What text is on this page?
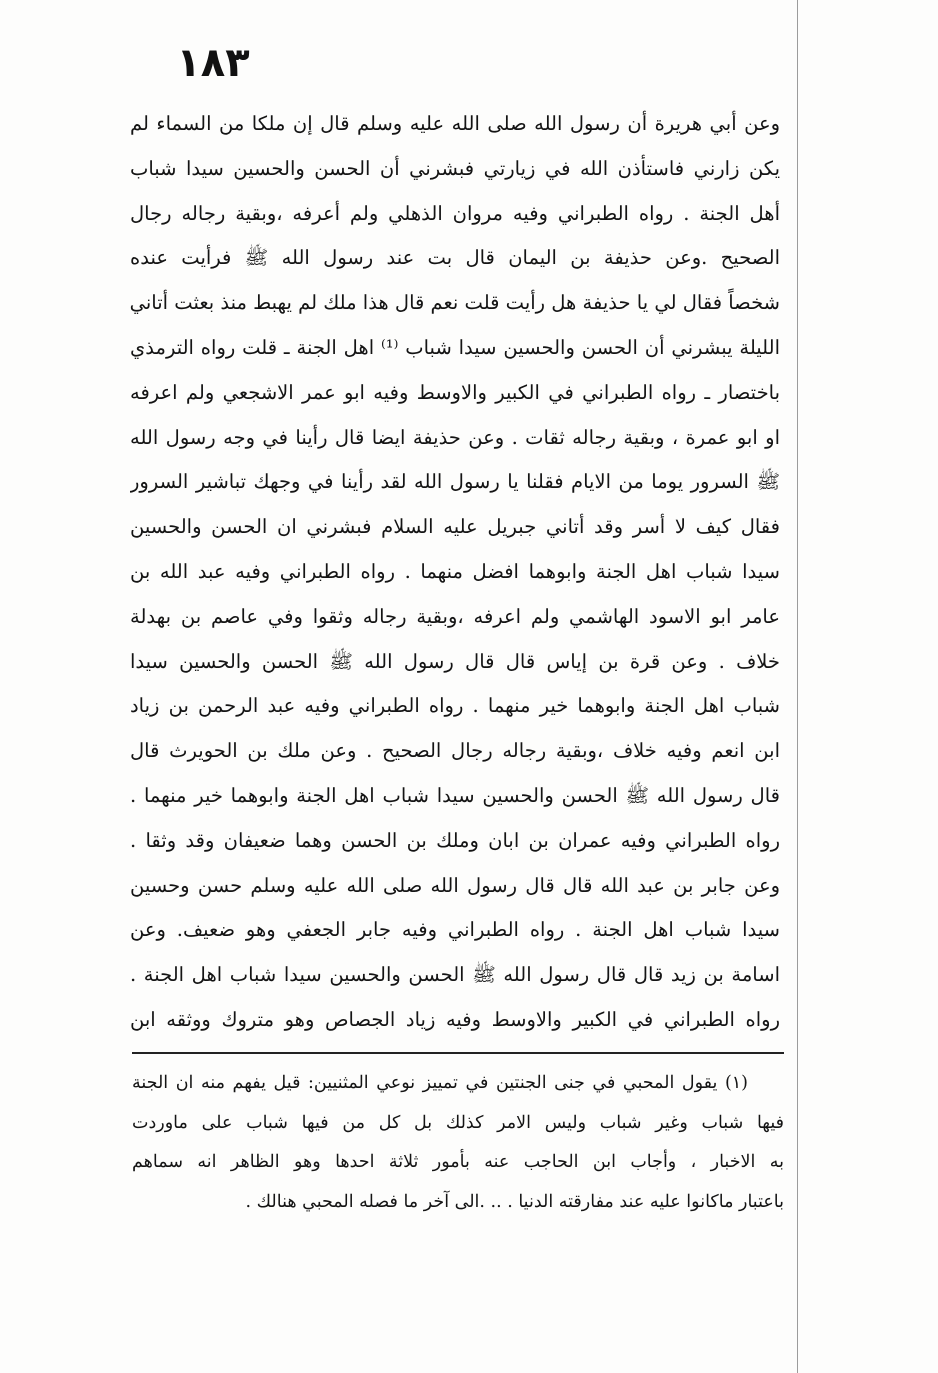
١٨٣
وعن أبي هريرة أن رسول الله صلى الله عليه وسلم قال إن ملكا من السماء لم
يكن زارني فاستأذن الله في زيارتي فبشرني أن الحسن والحسين سيدا شباب
أهل الجنة . رواه الطبراني وفيه مروان الذهلي ولم أعرفه ،وبقية رجاله رجال
الصحيح .وعن حذيفة بن اليمان قال بت عند رسول الله ﷺ فرأيت عنده
شخصاً فقال لي يا حذيفة هل رأيت قلت نعم قال هذا ملك لم يهبط منذ بعثت أتاني
الليلة يبشرني أن الحسن والحسين سيدا شباب ⁽¹⁾ اهل الجنة ـ قلت رواه الترمذي
باختصار ـ رواه الطبراني في الكبير والاوسط وفيه ابو عمر الاشجعي ولم اعرفه
او ابو عمرة ، وبقية رجاله ثقات . وعن حذيفة ايضا قال رأينا في وجه رسول الله
ﷺ السرور يوما من الايام فقلنا يا رسول الله لقد رأينا في وجهك تباشير السرور
فقال كيف لا أسر وقد أتاني جبريل عليه السلام فبشرني ان الحسن والحسين
سيدا شباب اهل الجنة وابوهما افضل منهما . رواه الطبراني وفيه عبد الله بن
عامر ابو الاسود الهاشمي ولم اعرفه ،وبقية رجاله وثقوا وفي عاصم بن بهدلة
خلاف . وعن قرة بن إياس قال قال رسول الله ﷺ الحسن والحسين سيدا
شباب اهل الجنة وابوهما خير منهما . رواه الطبراني وفيه عبد الرحمن بن زياد
ابن انعم وفيه خلاف ،وبقية رجاله رجال الصحيح . وعن ملك بن الحويرث قال
قال رسول الله ﷺ الحسن والحسين سيدا شباب اهل الجنة وابوهما خير منهما .
رواه الطبراني وفيه عمران بن ابان وملك بن الحسن وهما ضعيفان وقد وثقا .
وعن جابر بن عبد الله قال قال رسول الله صلى الله عليه وسلم حسن وحسين
سيدا شباب اهل الجنة . رواه الطبراني وفيه جابر الجعفي وهو ضعيف. وعن
اسامة بن زيد قال قال رسول الله ﷺ الحسن والحسين سيدا شباب اهل الجنة .
رواه الطبراني في الكبير والاوسط وفيه زياد الجصاص وهو متروك ووثقه ابن
(١) يقول المحبي في جنى الجنتين في تمييز نوعي المثنيين: قيل يفهم منه ان الجنة
فيها شباب وغير شباب وليس الامر كذلك بل كل من فيها شباب على ماوردت
به الاخبار ، وأجاب ابن الحاجب عنه بأمور ثلاثة احدها وهو الظاهر انه سماهم
باعتبار ماكانوا عليه عند مفارقته الدنيا . .. .الى آخر ما فصله المحبي هنالك .
